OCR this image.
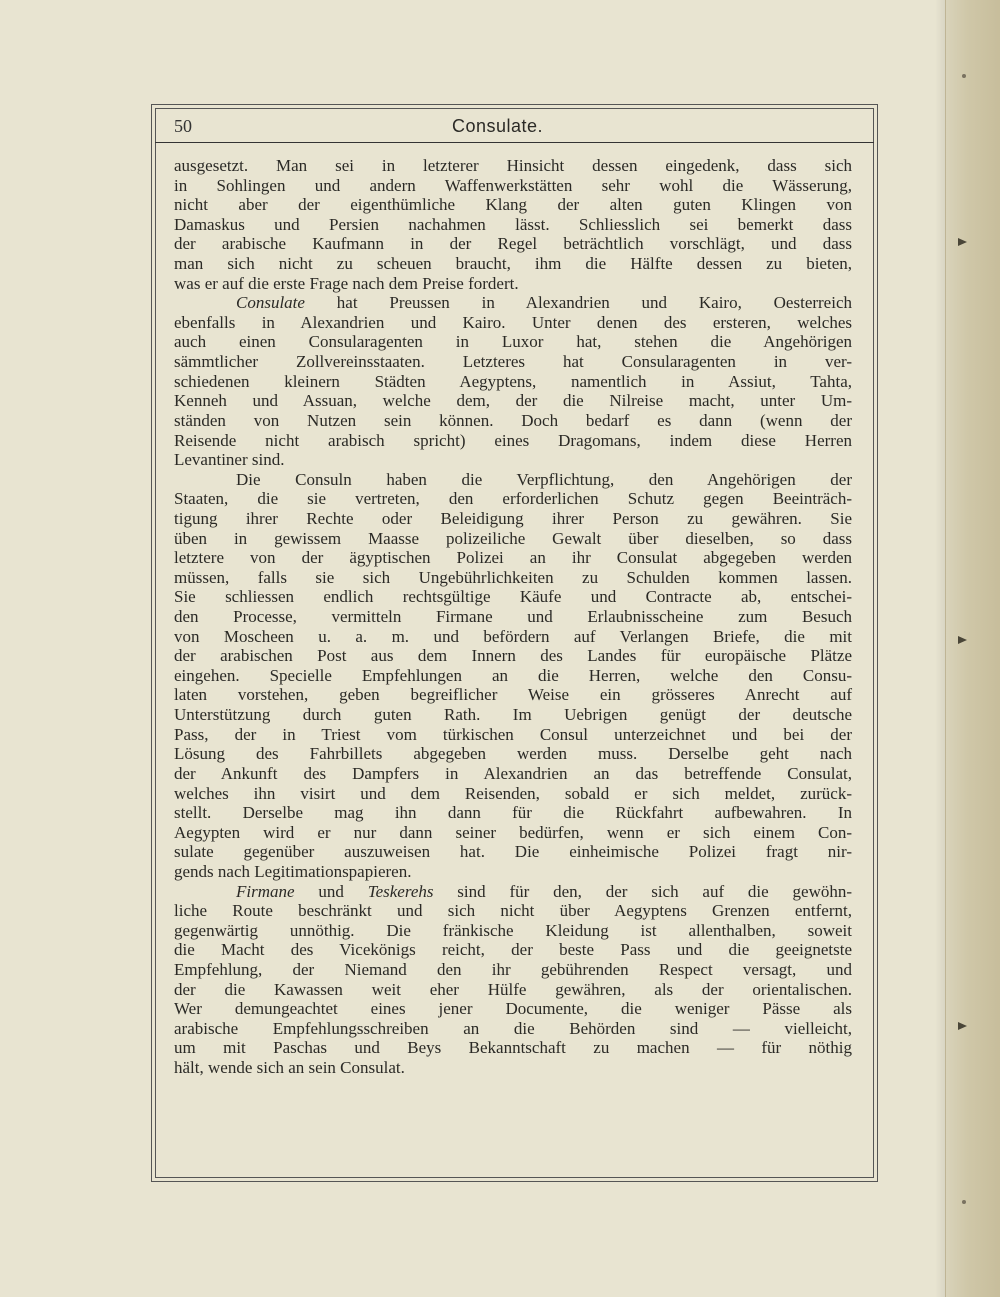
50	Consulate.
ausgesetzt. Man sei in letzterer Hinsicht dessen eingedenk, dass sich
in Sohlingen und andern Waffenwerkstätten sehr wohl die Wässerung,
nicht aber der eigenthümliche Klang der alten guten Klingen von
Damaskus und Persien nachahmen lässt. Schliesslich sei bemerkt dass
der arabische Kaufmann in der Regel beträchtlich vorschlägt, und dass
man sich nicht zu scheuen braucht, ihm die Hälfte dessen zu bieten,
was er auf die erste Frage nach dem Preise fordert.
Consulate hat Preussen in Alexandrien und Kairo, Oesterreich
ebenfalls in Alexandrien und Kairo. Unter denen des ersteren, welches
auch einen Consularagenten in Luxor hat, stehen die Angehörigen
sämmtlicher Zollvereinsstaaten. Letzteres hat Consularagenten in ver-
schiedenen kleinern Städten Aegyptens, namentlich in Assiut, Tahta,
Kenneh und Assuan, welche dem, der die Nilreise macht, unter Um-
ständen von Nutzen sein können. Doch bedarf es dann (wenn der
Reisende nicht arabisch spricht) eines Dragomans, indem diese Herren
Levantiner sind.
Die Consuln haben die Verpflichtung, den Angehörigen der
Staaten, die sie vertreten, den erforderlichen Schutz gegen Beeinträch-
tigung ihrer Rechte oder Beleidigung ihrer Person zu gewähren. Sie
üben in gewissem Maasse polizeiliche Gewalt über dieselben, so dass
letztere von der ägyptischen Polizei an ihr Consulat abgegeben werden
müssen, falls sie sich Ungebührlichkeiten zu Schulden kommen lassen.
Sie schliessen endlich rechtsgültige Käufe und Contracte ab, entschei-
den Processe, vermitteln Firmane und Erlaubnisscheine zum Besuch
von Moscheen u. a. m. und befördern auf Verlangen Briefe, die mit
der arabischen Post aus dem Innern des Landes für europäische Plätze
eingehen. Specielle Empfehlungen an die Herren, welche den Consu-
laten vorstehen, geben begreiflicher Weise ein grösseres Anrecht auf
Unterstützung durch guten Rath. Im Uebrigen genügt der deutsche
Pass, der in Triest vom türkischen Consul unterzeichnet und bei der
Lösung des Fahrbillets abgegeben werden muss. Derselbe geht nach
der Ankunft des Dampfers in Alexandrien an das betreffende Consulat,
welches ihn visirt und dem Reisenden, sobald er sich meldet, zurück-
stellt. Derselbe mag ihn dann für die Rückfahrt aufbewahren. In
Aegypten wird er nur dann seiner bedürfen, wenn er sich einem Con-
sulate gegenüber auszuweisen hat. Die einheimische Polizei fragt nir-
gends nach Legitimationspapieren.
Firmane und Teskerehs sind für den, der sich auf die gewöhn-
liche Route beschränkt und sich nicht über Aegyptens Grenzen entfernt,
gegenwärtig unnöthig. Die fränkische Kleidung ist allenthalben, soweit
die Macht des Vicekönigs reicht, der beste Pass und die geeignetste
Empfehlung, der Niemand den ihr gebührenden Respect versagt, und
der die Kawassen weit eher Hülfe gewähren, als der orientalischen.
Wer demungeachtet eines jener Documente, die weniger Pässe als
arabische Empfehlungsschreiben an die Behörden sind — vielleicht,
um mit Paschas und Beys Bekanntschaft zu machen — für nöthig
hält, wende sich an sein Consulat.
